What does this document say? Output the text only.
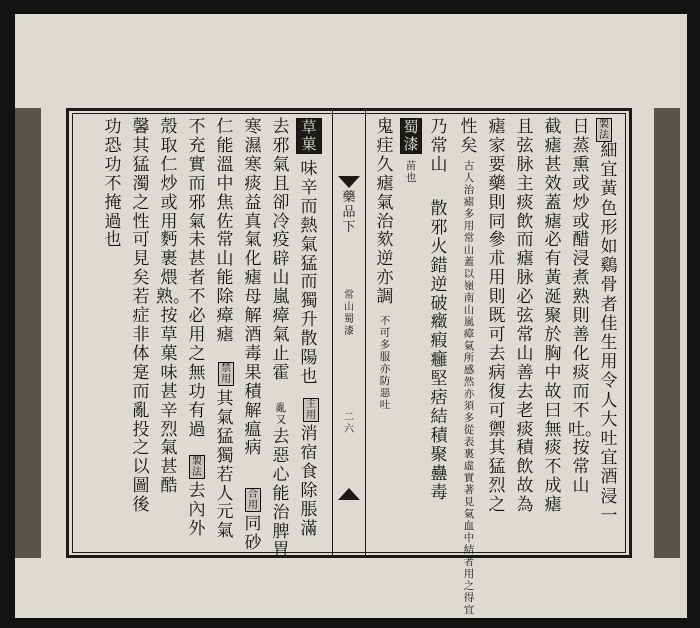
藥品下
常山蜀漆
二六
製法
細宜黃色形如鷄骨者佳生用令人大吐宜酒浸一
日蒸熏或炒或醋浸煮熟則善化痰而不吐。按常山
截瘧甚效蓋瘧必有黃涎聚於胸中故曰無痰不成瘧
且弦脉主痰飲而瘧脉必弦常山善去老痰積飲故為
瘧家要藥則同參朮用則既可去病復可禦其猛烈之
性矣
古人治瘧多用常山蓋以嶺南山嵐瘴氣所感然亦須多從表裏虛實著見氣血中結者用之得宜
乃常山
散邪火錯逆破癥瘕癰堅痞結積聚蠱毒
蜀漆
苗也
鬼疰久瘧氣治欬逆亦調
不可多服亦防惡吐
草菓
味辛而熱氣猛而獨升散陽也
主用
消宿食除脹滿
去邪氣且卻冷疫辟山嵐瘴氣止霍
亂又
去惡心能治脾胃
寒濕寒痰益真氣化瘧母解酒毒果積解瘟病
合用
同砂
仁能溫中焦佐常山能除瘴瘧
禁用
其氣猛獨若人元氣
不充實而邪氣未甚者不必用之無功有過
製法
去內外
殼取仁炒或用麪裹煨熟。按草菓味甚辛烈氣甚酷
馨其猛濁之性可見矣若症非体寔而亂投之以圖後
功恐功不掩過也
